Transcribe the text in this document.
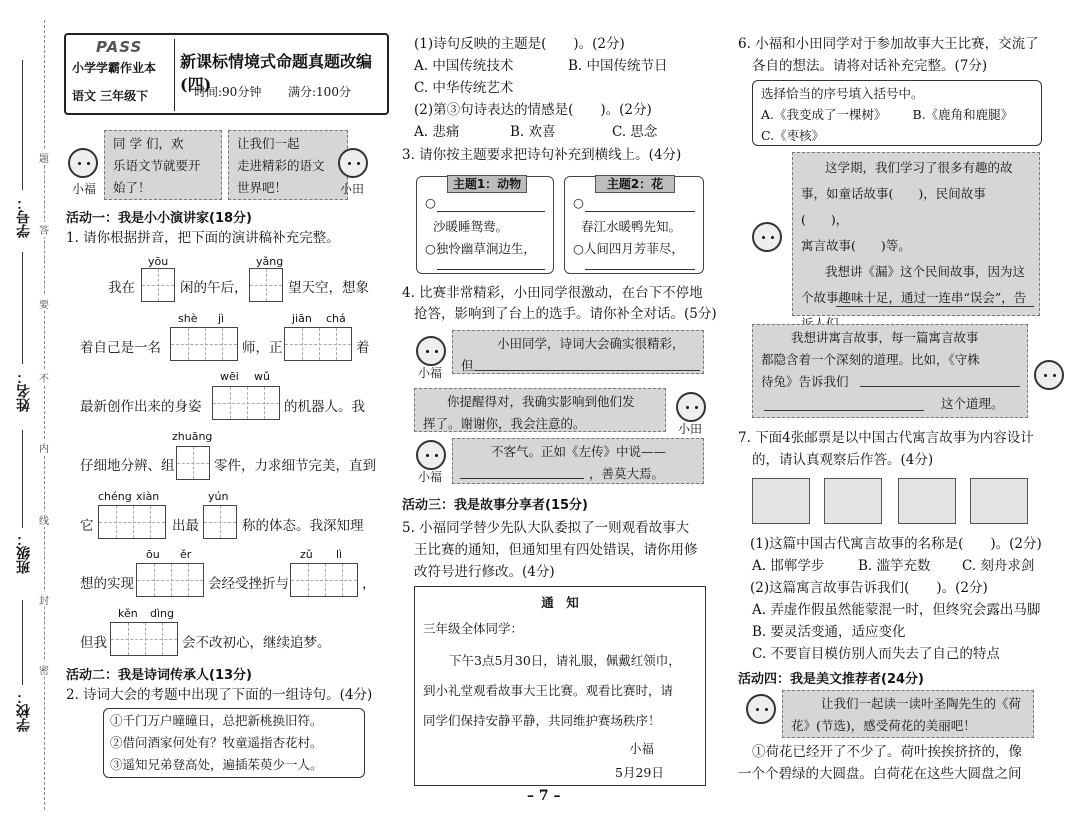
学校：
班级：
姓名：
学号：
题
答
要
不
内
线
封
密
PASS
小学学霸作业本
语文 三年级下
新课标情境式命题真题改编(四)
时间:90分钟 满分:100分
小福
同 学 们，欢
乐语文节就要开
始了！
让我们一起
走进精彩的语文
世界吧！	小田
活动一：我是小小演讲家(18分)
1. 请你根据拼音，把下面的演讲稿补充完整。
yōu	yǎng
我在	闲的午后，	望天空，想象
shè jì	jiān chá
着自己是一名	师，正	着
wēi wǔ
最新创作出来的身姿	的机器人。我
zhuāng
仔细地分辨、组	零件，力求细节完美，直到
chéng xiàn	yún
它	出最	称的体态。我深知理
ōu ěr	zǔ lì
想的实现	会经受挫折与	，
kěn dìng
但我	会不改初心，继续追梦。
活动二：我是诗词传承人(13分)
2. 诗词大会的考题中出现了下面的一组诗句。(4分)
①千门万户曈曈日，总把新桃换旧符。
②借问酒家何处有？牧童遥指杏花村。
③遥知兄弟登高处，遍插茱萸少一人。
(1)诗句反映的主题是(　　)。(2分)
A. 中国传统技术	B. 中国传统节日
C. 中华传统艺术
(2)第③句诗表达的情感是(　　)。(2分)
A. 悲痛	B. 欢喜	C. 思念
3. 请你按主题要求把诗句补充到横线上。(4分)
主题1：动物
○
沙暖睡鸳鸯。
○独怜幽草涧边生，
主题2：花
○
春江水暖鸭先知。
○人间四月芳菲尽，
4. 比赛非常精彩，小田同学很激动，在台下不停地
抢答，影响到了台上的选手。请你补全对话。(5分)
小福
小田同学，诗词大会确实很精彩，
但
你提醒得对，我确实影响到他们发
挥了。谢谢你，我会注意的。	小田
小福
不客气。正如《左传》中说——
，善莫大焉。
活动三：我是故事分享者(15分)
5. 小福同学替少先队大队委拟了一则观看故事大
王比赛的通知，但通知里有四处错误，请你用修
改符号进行修改。(4分)
通　知
三年级全体同学：
下午3点5月30日，请礼服，佩戴红领巾，
到小礼堂观看故事大王比赛。观看比赛时，请
同学们保持安静平静，共同维护赛场秩序！
小福
5月29日
– 7 –
6. 小福和小田同学对于参加故事大王比赛，交流了
各自的想法。请将对话补充完整。(7分)
选择恰当的序号填入括号中。
A.《我变成了一棵树》 B.《鹿角和鹿腿》
C.《枣核》
这学期，我们学习了很多有趣的故
事，如童话故事(　　)，民间故事(　　)，
寓言故事(　　)等。
我想讲《漏》这个民间故事，因为这
个故事趣味十足，通过一连串“误会”，告
我想讲寓言故事，每一篇寓言故事
都隐含着一个深刻的道理。比如，《守株
待兔》告诉我们
这个道理。
7. 下面4张邮票是以中国古代寓言故事为内容设计
的，请认真观察后作答。(4分)
(1)这篇中国古代寓言故事的名称是(　　)。(2分)
A. 邯郸学步 B. 滥竽充数 C. 刻舟求剑
(2)这篇寓言故事告诉我们(　　)。(2分)
A. 弄虚作假虽然能蒙混一时，但终究会露出马脚
B. 要灵活变通，适应变化
C. 不要盲目模仿别人而失去了自己的特点
活动四：我是美文推荐者(24分)
让我们一起读一读叶圣陶先生的《荷
花》(节选)，感受荷花的美丽吧！
①荷花已经开了不少了。荷叶挨挨挤挤的，像
一个个碧绿的大圆盘。白荷花在这些大圆盘之间
